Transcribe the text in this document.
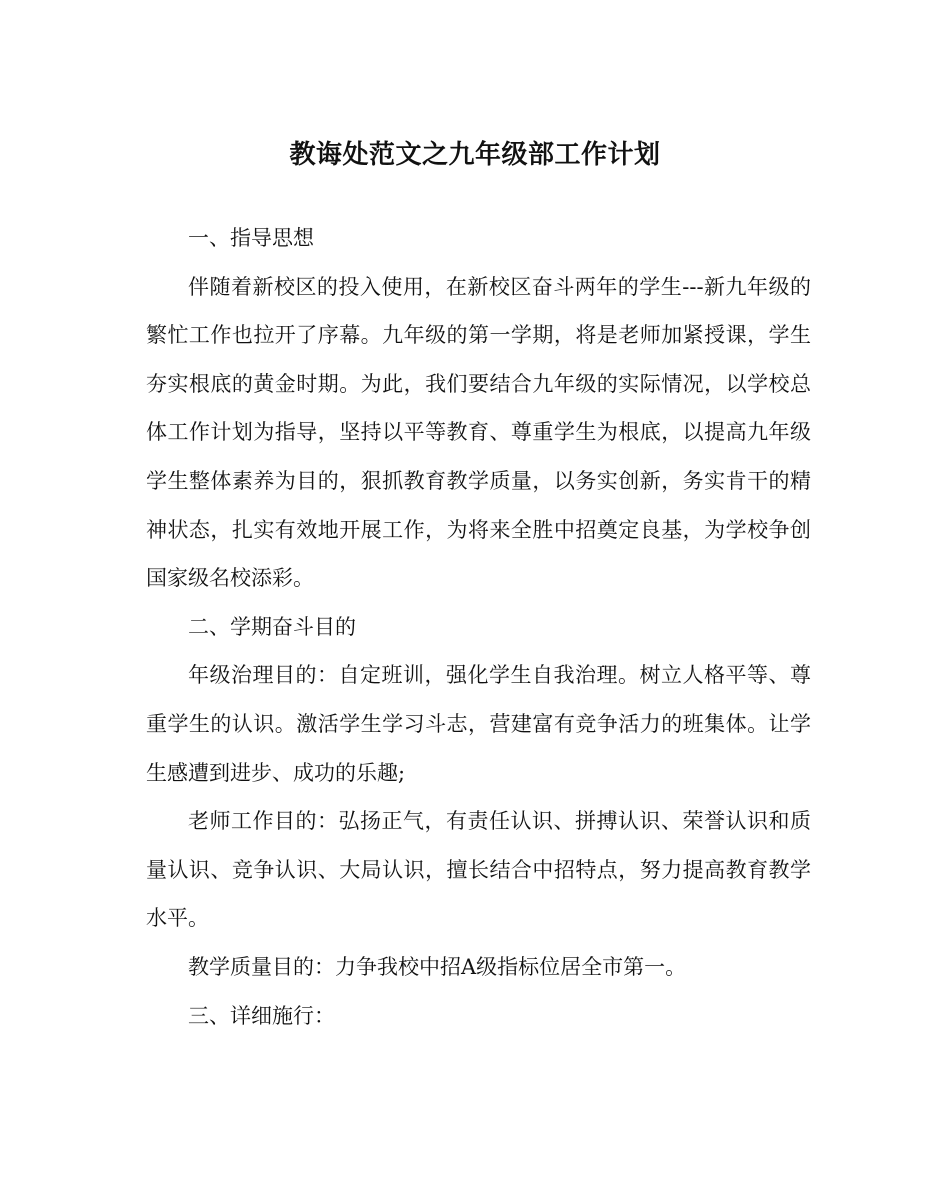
教诲处范文之九年级部工作计划

一、指导思想

伴随着新校区的投入使用，在新校区奋斗两年的学生---新九年级的繁忙工作也拉开了序幕。九年级的第一学期，将是老师加紧授课，学生夯实根底的黄金时期。为此，我们要结合九年级的实际情况，以学校总体工作计划为指导，坚持以平等教育、尊重学生为根底，以提高九年级学生整体素养为目的，狠抓教育教学质量，以务实创新，务实肯干的精神状态，扎实有效地开展工作，为将来全胜中招奠定良基，为学校争创国家级名校添彩。

二、学期奋斗目的

年级治理目的：自定班训，强化学生自我治理。树立人格平等、尊重学生的认识。激活学生学习斗志，营建富有竞争活力的班集体。让学生感遭到进步、成功的乐趣;

老师工作目的：弘扬正气，有责任认识、拼搏认识、荣誉认识和质量认识、竞争认识、大局认识，擅长结合中招特点，努力提高教育教学水平。

教学质量目的：力争我校中招A级指标位居全市第一。

三、详细施行：
